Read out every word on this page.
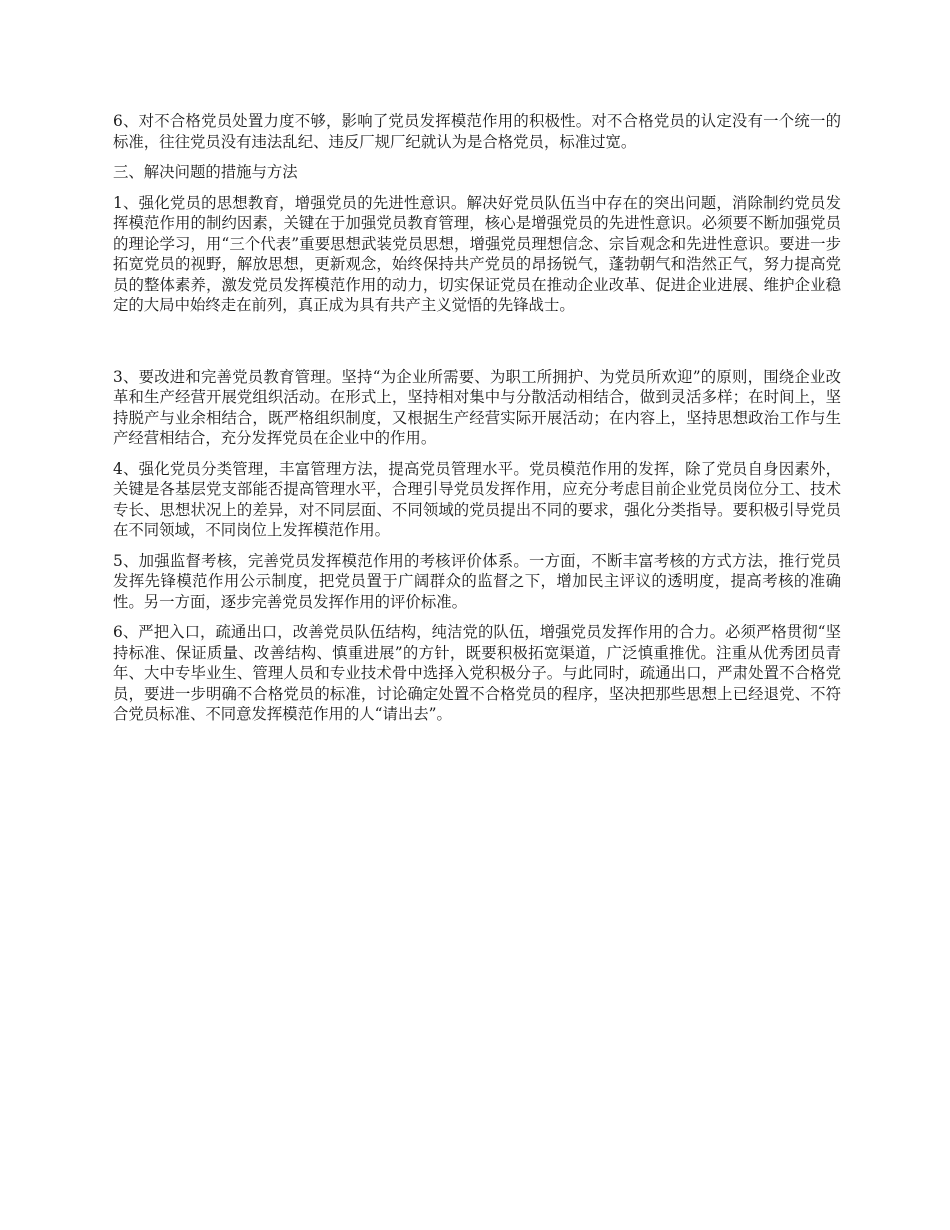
6、对不合格党员处置力度不够，影响了党员发挥模范作用的积极性。对不合格党员的认定没有一个统一的标准，往往党员没有违法乱纪、违反厂规厂纪就认为是合格党员，标准过宽。

三、解决问题的措施与方法

1、强化党员的思想教育，增强党员的先进性意识。解决好党员队伍当中存在的突出问题，消除制约党员发挥模范作用的制约因素，关键在于加强党员教育管理，核心是增强党员的先进性意识。必须要不断加强党员的理论学习，用“三个代表”重要思想武装党员思想，增强党员理想信念、宗旨观念和先进性意识。要进一步拓宽党员的视野，解放思想，更新观念，始终保持共产党员的昂扬锐气，蓬勃朝气和浩然正气，努力提高党员的整体素养，激发党员发挥模范作用的动力，切实保证党员在推动企业改革、促进企业进展、维护企业稳定的大局中始终走在前列，真正成为具有共产主义觉悟的先锋战士。

3、要改进和完善党员教育管理。坚持“为企业所需要、为职工所拥护、为党员所欢迎”的原则，围绕企业改革和生产经营开展党组织活动。在形式上，坚持相对集中与分散活动相结合，做到灵活多样；在时间上，坚持脱产与业余相结合，既严格组织制度，又根据生产经营实际开展活动；在内容上，坚持思想政治工作与生产经营相结合，充分发挥党员在企业中的作用。

4、强化党员分类管理，丰富管理方法，提高党员管理水平。党员模范作用的发挥，除了党员自身因素外，关键是各基层党支部能否提高管理水平，合理引导党员发挥作用，应充分考虑目前企业党员岗位分工、技术专长、思想状况上的差异，对不同层面、不同领域的党员提出不同的要求，强化分类指导。要积极引导党员在不同领域，不同岗位上发挥模范作用。

5、加强监督考核，完善党员发挥模范作用的考核评价体系。一方面，不断丰富考核的方式方法，推行党员发挥先锋模范作用公示制度，把党员置于广阔群众的监督之下，增加民主评议的透明度，提高考核的准确性。另一方面，逐步完善党员发挥作用的评价标准。

6、严把入口，疏通出口，改善党员队伍结构，纯洁党的队伍，增强党员发挥作用的合力。必须严格贯彻“坚持标准、保证质量、改善结构、慎重进展”的方针，既要积极拓宽渠道，广泛慎重推优。注重从优秀团员青年、大中专毕业生、管理人员和专业技术骨中选择入党积极分子。与此同时，疏通出口，严肃处置不合格党员，要进一步明确不合格党员的标准，讨论确定处置不合格党员的程序，坚决把那些思想上已经退党、不符合党员标准、不同意发挥模范作用的人“请出去”。
